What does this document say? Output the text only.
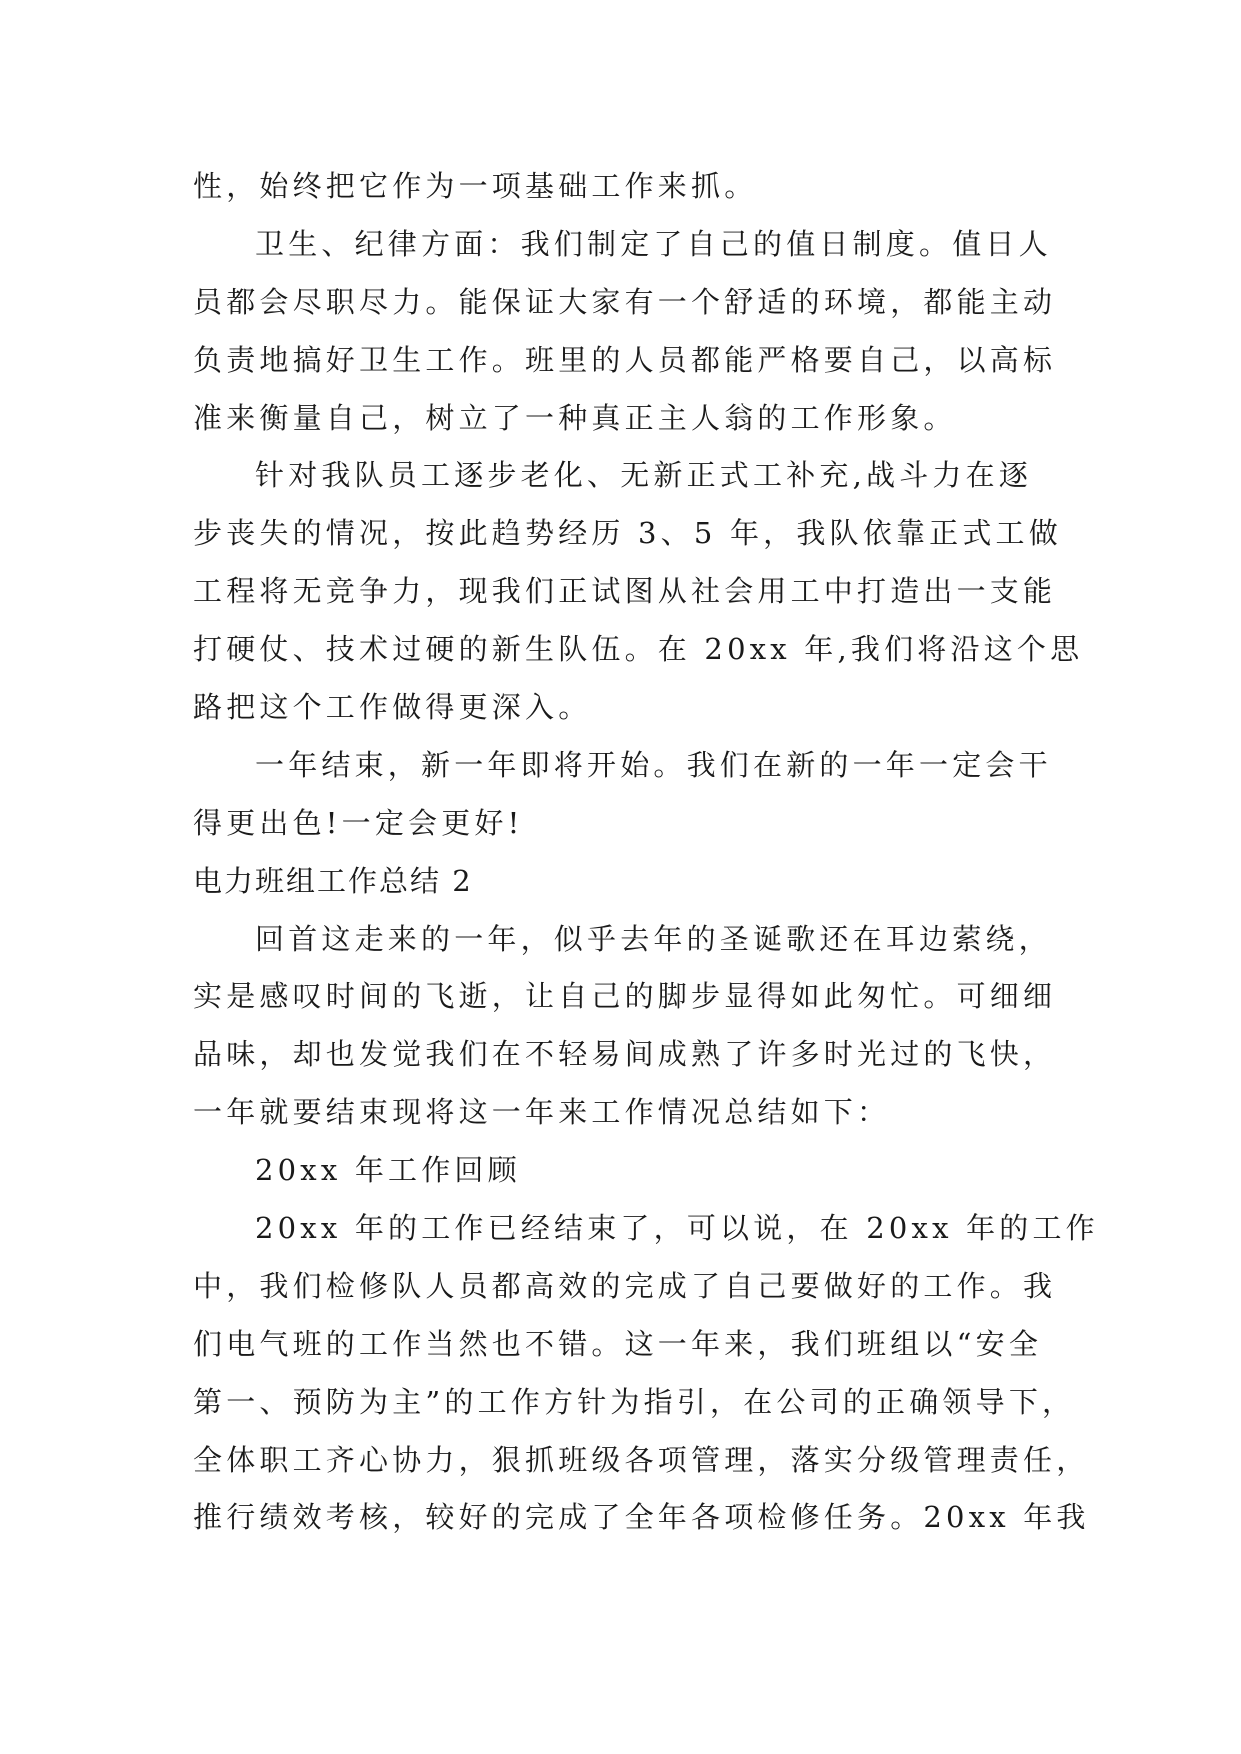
性，始终把它作为一项基础工作来抓。
卫生、纪律方面：我们制定了自己的值日制度。值日人
员都会尽职尽力。能保证大家有一个舒适的环境，都能主动
负责地搞好卫生工作。班里的人员都能严格要自己，以高标
准来衡量自己，树立了一种真正主人翁的工作形象。
针对我队员工逐步老化、无新正式工补充,战斗力在逐
步丧失的情况，按此趋势经历 3、5 年，我队依靠正式工做
工程将无竞争力，现我们正试图从社会用工中打造出一支能
打硬仗、技术过硬的新生队伍。在 20xx 年,我们将沿这个思
路把这个工作做得更深入。
一年结束，新一年即将开始。我们在新的一年一定会干
得更出色!一定会更好!
电力班组工作总结 2
回首这走来的一年，似乎去年的圣诞歌还在耳边萦绕，
实是感叹时间的飞逝，让自己的脚步显得如此匆忙。可细细
品味，却也发觉我们在不轻易间成熟了许多时光过的飞快，
一年就要结束现将这一年来工作情况总结如下：
20xx 年工作回顾
20xx 年的工作已经结束了，可以说，在 20xx 年的工作
中，我们检修队人员都高效的完成了自己要做好的工作。我
们电气班的工作当然也不错。这一年来，我们班组以“安全
第一、预防为主”的工作方针为指引，在公司的正确领导下，
全体职工齐心协力，狠抓班级各项管理，落实分级管理责任，
推行绩效考核，较好的完成了全年各项检修任务。20xx 年我
